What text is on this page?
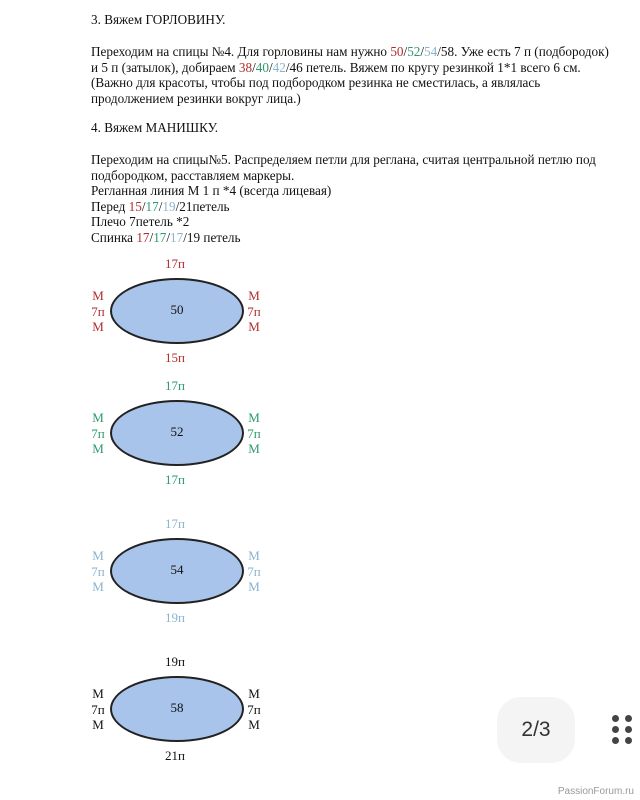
3. Вяжем ГОРЛОВИНУ.
Переходим на спицы №4. Для горловины нам нужно 50/52/54/58. Уже есть 7 п (подбородок)
и 5 п (затылок), добираем 38/40/42/46 петель. Вяжем по кругу резинкой 1*1 всего 6 см.
(Важно для красоты, чтобы под подбородком резинка не сместилась, а являлась
продолжением резинки вокруг лица.)
4. Вяжем МАНИШКУ.
Переходим на спицы№5. Распределяем петли для реглана, считая центральной петлю под
подбородком, расставляем маркеры.
Регланная линия М 1 п *4 (всегда лицевая)
Перед 15/17/19/21петель
Плечо 7петель *2
Спинка 17/17/17/19 петель
17п
М
7п
М
50
М
7п
М
15п
17п
М
7п
М
52
М
7п
М
17п
17п
М
7п
М
54
М
7п
М
19п
19п
М
7п
М
58
М
7п
М
21п
2/3
PassionForum.ru
